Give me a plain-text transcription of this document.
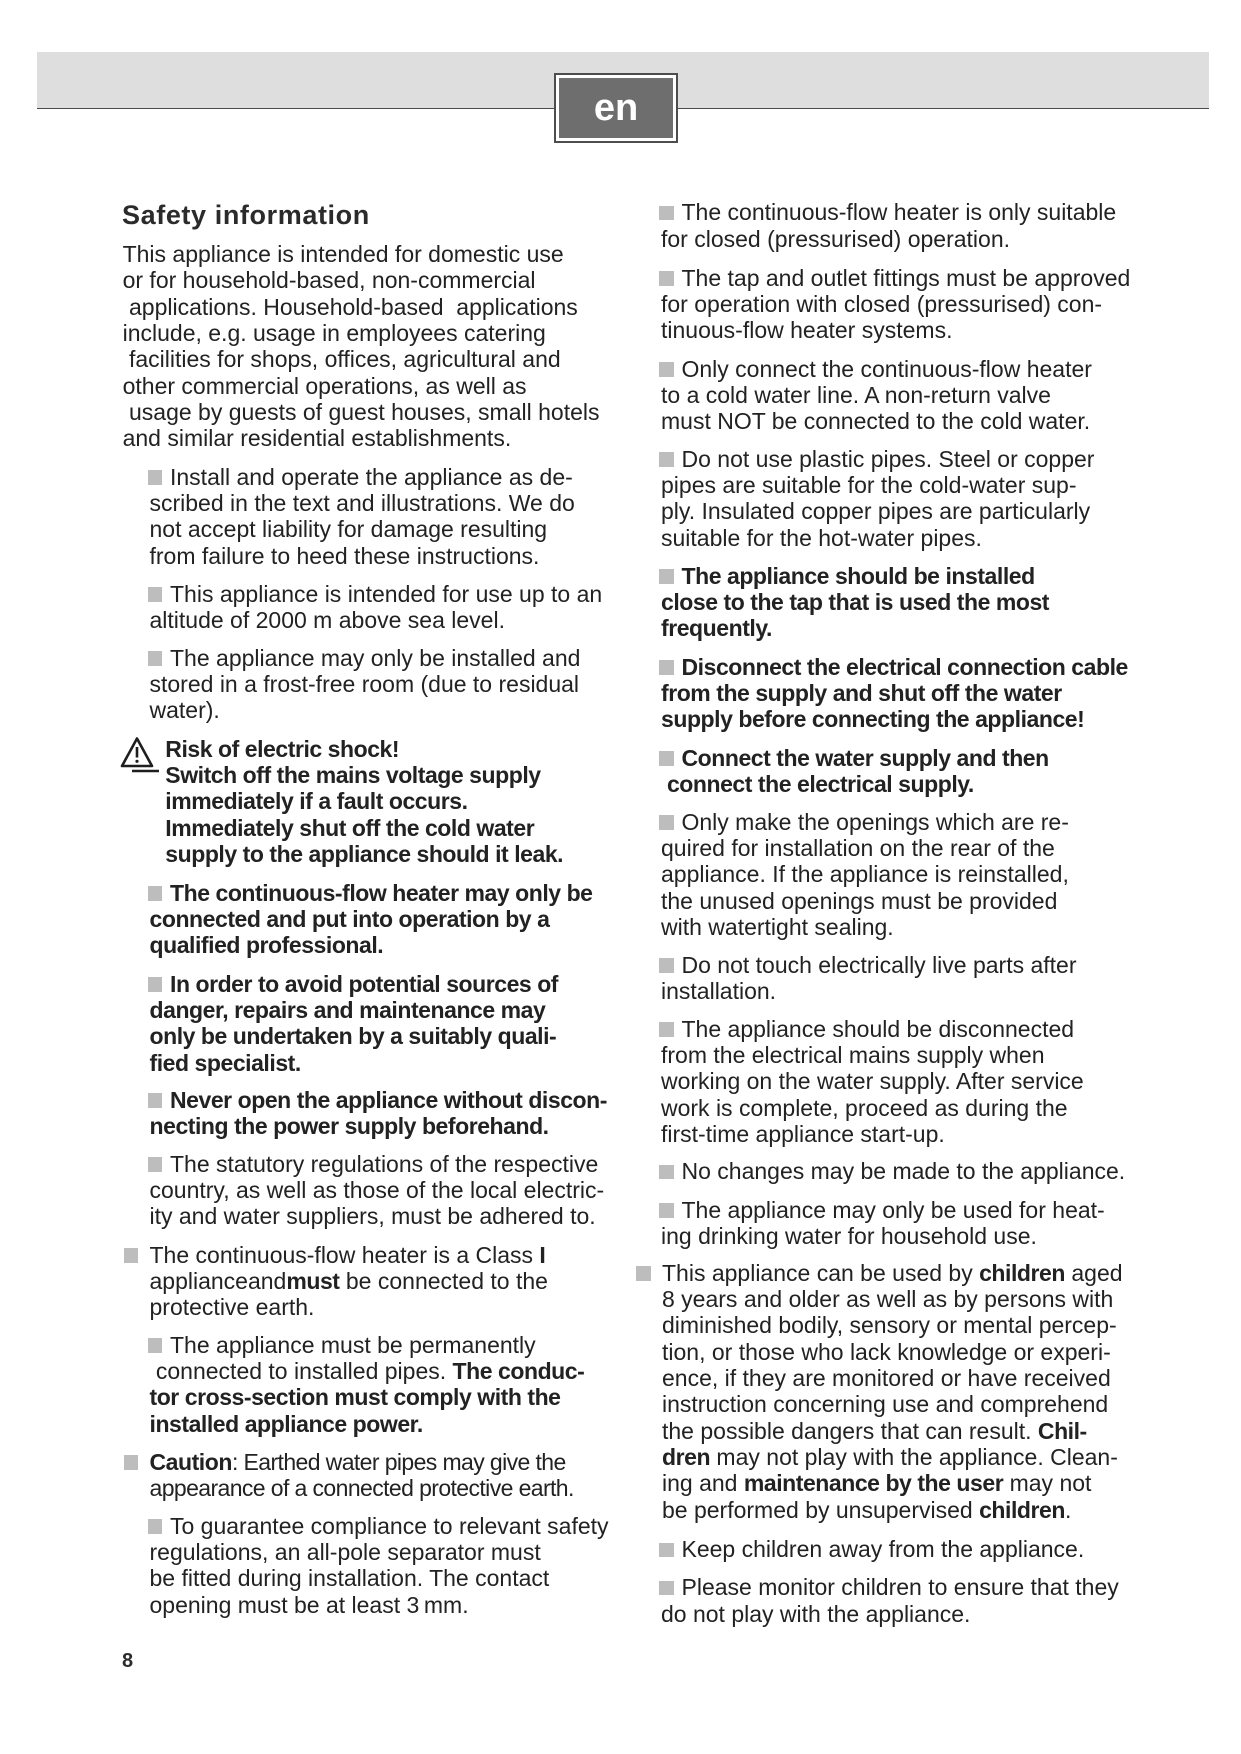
en
Safety information
This appliance is intended for domestic use
or for household-based, non-commercial
applications. Household-based  applications
include, e.g. usage in employees catering
facilities for shops, offices, agricultural and
other commercial operations, as well as
usage by guests of guest houses, small hotels
and similar residential establishments.
Install and operate the appliance as de-
scribed in the text and illustrations. We do
not accept liability for damage resulting
from failure to heed these instructions.
This appliance is intended for use up to an
altitude of 2000 m above sea level.
The appliance may only be installed and
stored in a frost-free room (due to residual
water).
Risk of electric shock!
Switch off the mains voltage supply
immediately if a fault occurs.
Immediately shut off the cold water
supply to the appliance should it leak.
The continuous-flow heater may only be
connected and put into operation by a
qualified professional.
In order to avoid potential sources of
danger, repairs and maintenance may
only be undertaken by a suitably quali-
fied specialist.
Never open the appliance without discon-
necting the power supply beforehand.
The statutory regulations of the respective
country, as well as those of the local electric-
ity and water suppliers, must be adhered to.
The continuous-flow heater is a Class I
applianceandmust be connected to the
protective earth.
The appliance must be permanently
connected to installed pipes. The conduc-
tor cross-section must comply with the
installed appliance power.
Caution: Earthed water pipes may give the
appearance of a connected protective earth.
To guarantee compliance to relevant safety
regulations, an all-pole separator must
be fitted during installation. The contact
opening must be at least 3 mm.
8
The continuous-flow heater is only suitable
for closed (pressurised) operation.
The tap and outlet fittings must be approved
for operation with closed (pressurised) con-
tinuous-flow heater systems.
Only connect the continuous-flow heater
to a cold water line. A non-return valve
must NOT be connected to the cold water.
Do not use plastic pipes. Steel or copper
pipes are suitable for the cold-water sup-
ply. Insulated copper pipes are particularly
suitable for the hot-water pipes.
The appliance should be installed
close to the tap that is used the most
frequently.
Disconnect the electrical connection cable
from the supply and shut off the water
supply before connecting the appliance!
Connect the water supply and then
connect the electrical supply.
Only make the openings which are re-
quired for installation on the rear of the
appliance. If the appliance is reinstalled,
the unused openings must be provided
with watertight sealing.
Do not touch electrically live parts after
installation.
The appliance should be disconnected
from the electrical mains supply when
working on the water supply. After service
work is complete, proceed as during the
first-time appliance start-up.
No changes may be made to the appliance.
The appliance may only be used for heat-
ing drinking water for household use.
This appliance can be used by children aged
8 years and older as well as by persons with
diminished bodily, sensory or mental percep-
tion, or those who lack knowledge or experi-
ence, if they are monitored or have received
instruction concerning use and comprehend
the possible dangers that can result. Chil-
dren may not play with the appliance. Clean-
ing and maintenance by the user may not
be performed by unsupervised children.
Keep children away from the appliance.
Please monitor children to ensure that they
do not play with the appliance.
